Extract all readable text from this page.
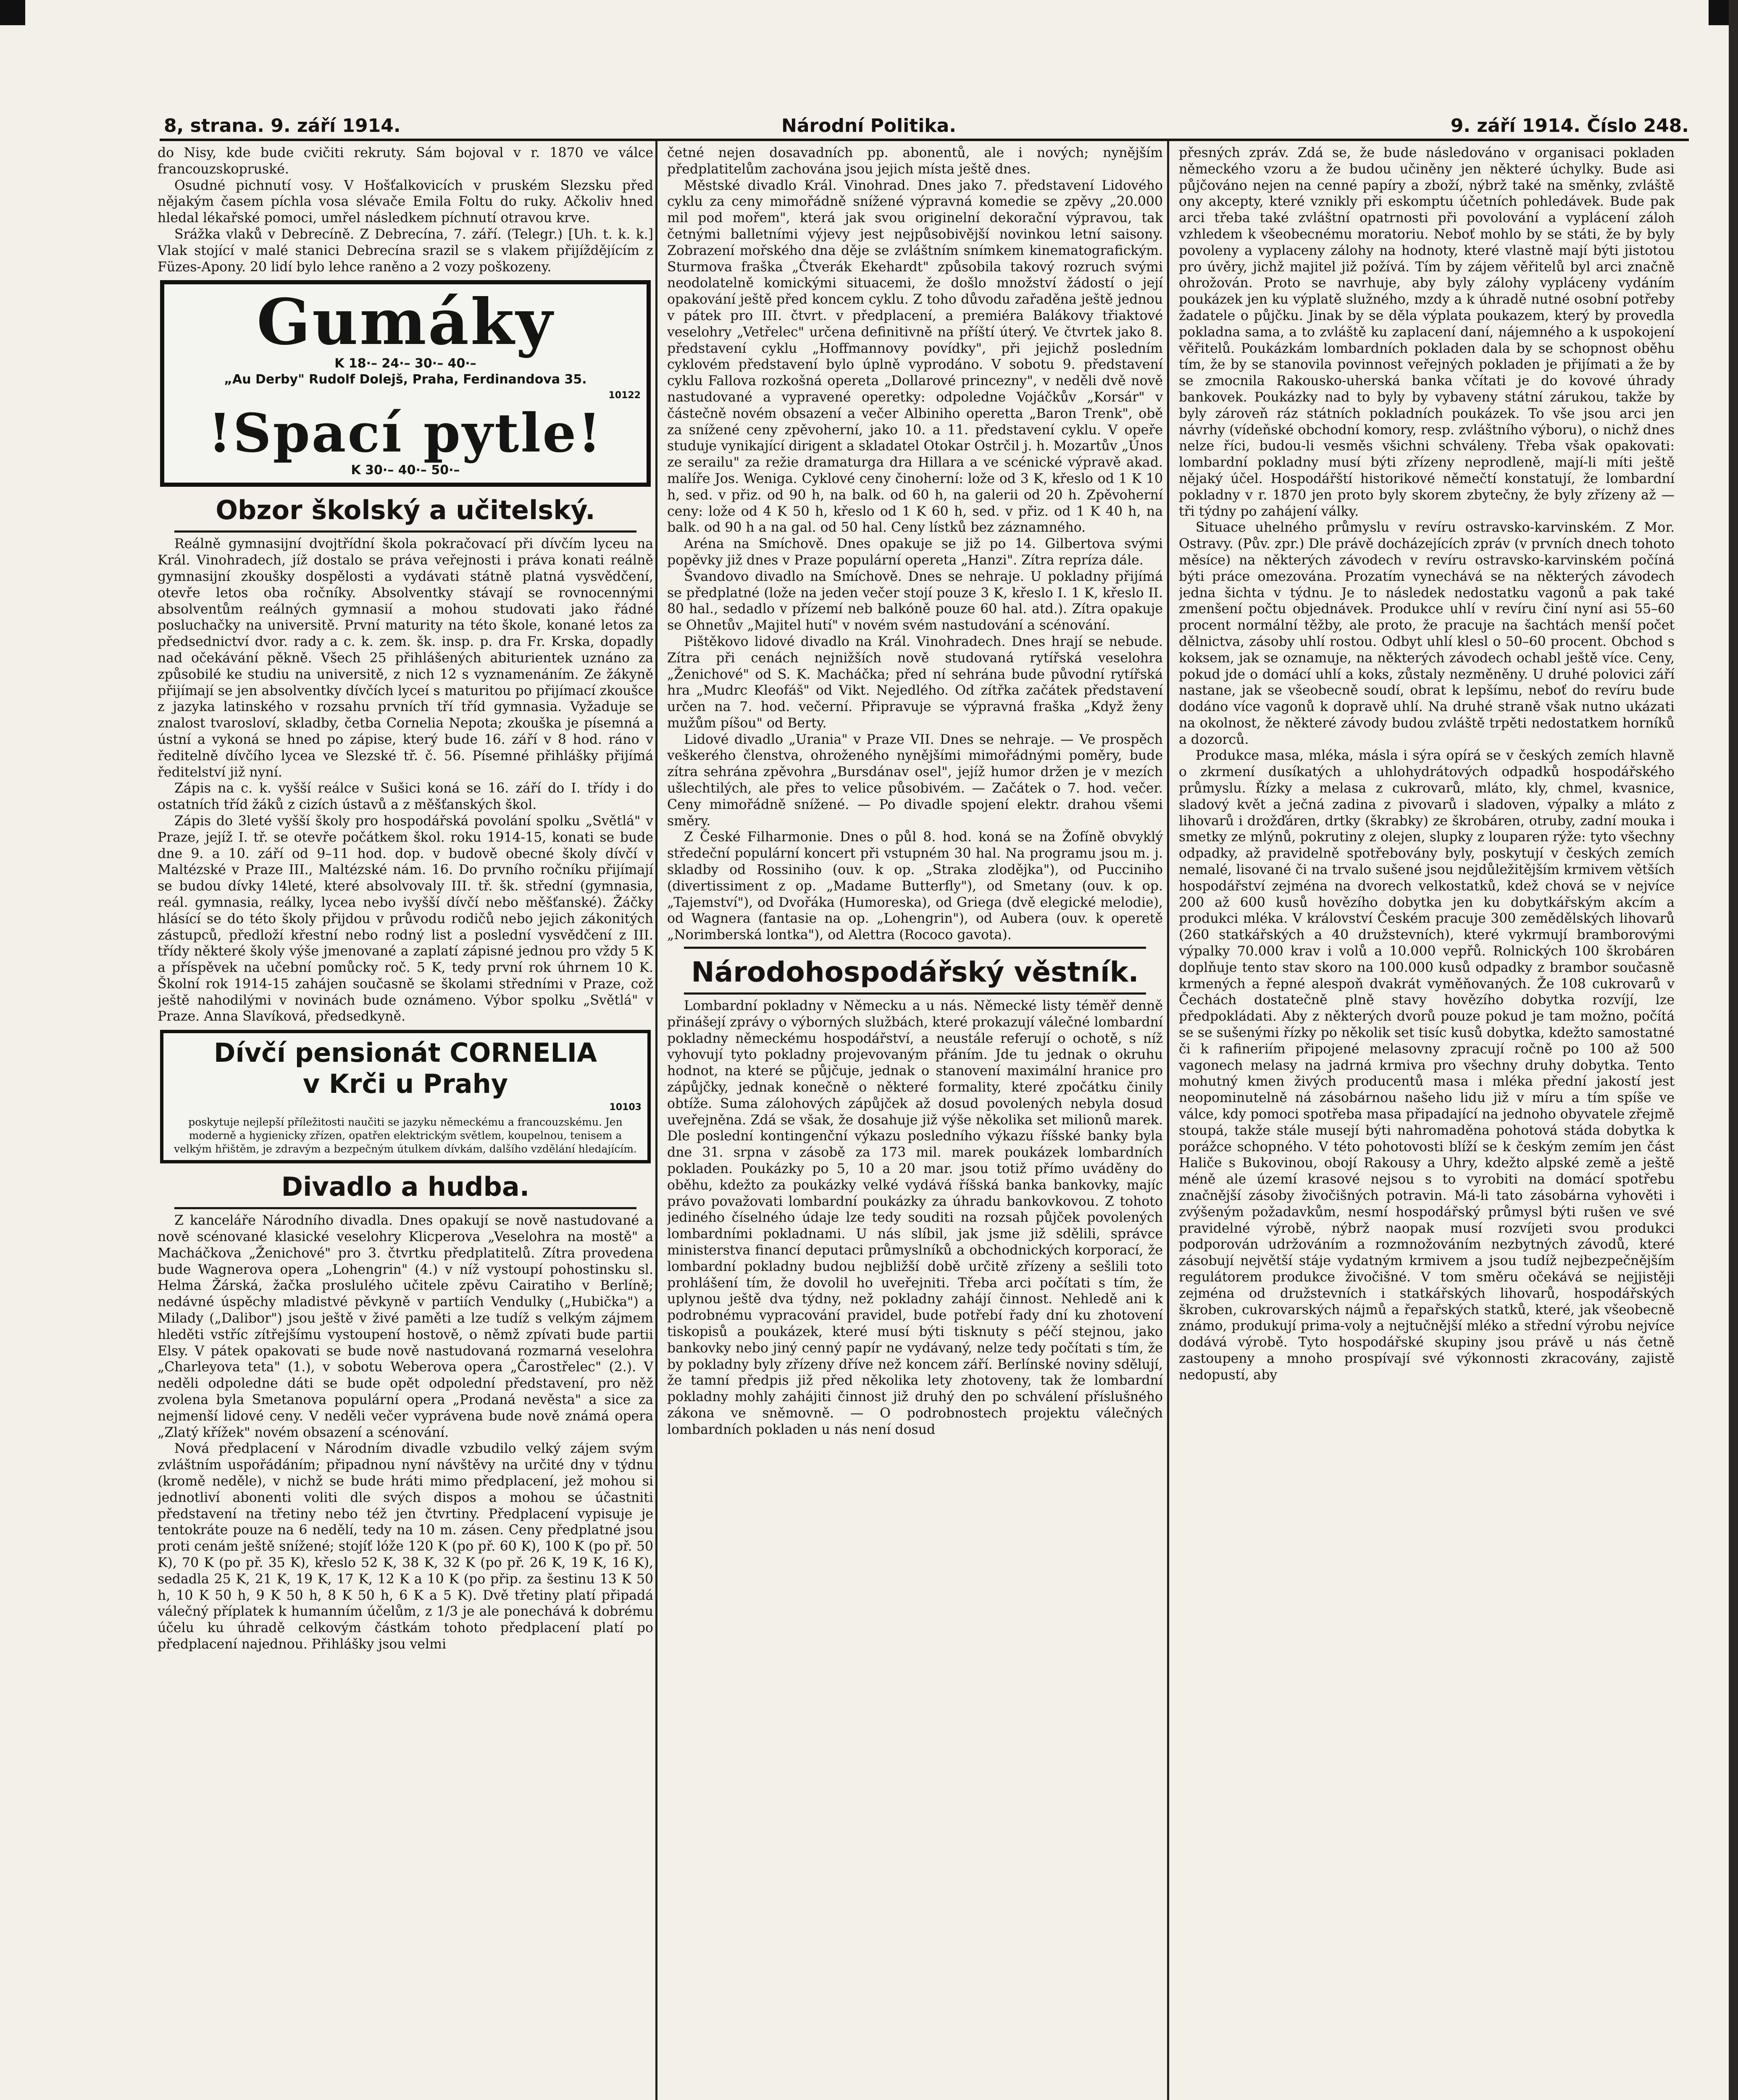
8, strana. 9. září 1914.	Národní Politika.	9. září 1914. Číslo 248.

do Nisy, kde bude cvičiti rekruty. Sám bojoval v r. 1870 ve válce francouzskopruské.

Osudné pichnutí vosy. V Hošťalkovicích v pruském Slezsku před nějakým časem píchla vosa slévače Emila Foltu do ruky. Ačkoliv hned hledal lékařské pomoci, umřel následkem píchnutí otravou krve.

Srážka vlaků v Debrecíně. Z Debrecína, 7. září. (Telegr.) [Uh. t. k. k.] Vlak stojící v malé stanici Debrecína srazil se s vlakem přijíždějícím z Füzes-Apony. 20 lidí bylo lehce raněno a 2 vozy poškozeny.

Gumáky
K 18·– 24·– 30·– 40·–
„Au Derby" Rudolf Dolejš, Praha, Ferdinandova 35.
10122
!Spací pytle!
K 30·– 40·– 50·–
Obzor školský a učitelský.

Reálně gymnasijní dvojtřídní škola pokračovací při dívčím lyceu na Král. Vinohradech, jíž dostalo se práva veřejnosti i práva konati reálně gymnasijní zkoušky dospělosti a vydávati státně platná vysvědčení, otevře letos oba ročníky. Absolventky stávají se rovnocennými absolventům reálných gymnasií a mohou studovati jako řádné posluchačky na universitě. První maturity na této škole, konané letos za předsednictví dvor. rady a c. k. zem. šk. insp. p. dra Fr. Krska, dopadly nad očekávání pěkně. Všech 25 přihlášených abiturientek uznáno za způsobilé ke studiu na universitě, z nich 12 s vyznamenáním. Ze žákyně přijímají se jen absolventky dívčích lyceí s maturitou po přijímací zkoušce z jazyka latinského v rozsahu prvních tří tříd gymnasia. Vyžaduje se znalost tvarosloví, skladby, četba Cornelia Nepota; zkouška je písemná a ústní a vykoná se hned po zápise, který bude 16. září v 8 hod. ráno v ředitelně dívčího lycea ve Slezské tř. č. 56. Písemné přihlášky přijímá ředitelství již nyní.

Zápis na c. k. vyšší reálce v Sušici koná se 16. září do I. třídy i do ostatních tříd žáků z cizích ústavů a z měšťanských škol.

Zápis do 3leté vyšší školy pro hospodářská povolání spolku „Světlá" v Praze, jejíž I. tř. se otevře počátkem škol. roku 1914-15, konati se bude dne 9. a 10. září od 9–11 hod. dop. v budově obecné školy dívčí v Maltézské v Praze III., Maltézské nám. 16. Do prvního ročníku přijímají se budou dívky 14leté, které absolvovaly III. tř. šk. střední (gymnasia, reál. gymnasia, reálky, lycea nebo ivyšší dívčí nebo měšťanské). Žáčky hlásící se do této školy přijdou v průvodu rodičů nebo jejich zákonitých zástupců, předloží křestní nebo rodný list a poslední vysvědčení z III. třídy některé školy výše jmenované a zaplatí zápisné jednou pro vždy 5 K a příspěvek na učební pomůcky roč. 5 K, tedy první rok úhrnem 10 K. Školní rok 1914-15 zahájen současně se školami středními v Praze, což ještě nahodilými v novinách bude oznámeno. Výbor spolku „Světlá" v Praze. Anna Slavíková, předsedkyně.

Dívčí pensionát CORNELIA
v Krči u Prahy
10103
poskytuje nejlepší příležitosti naučiti se jazyku německému a francouzskému. Jen moderně a hygienicky zřízen, opatřen elektrickým světlem, koupelnou, tenisem a velkým hřištěm, je zdravým a bezpečným útulkem dívkám, dalšího vzdělání hledajícím.
Divadlo a hudba.

Z kanceláře Národního divadla. Dnes opakují se nově nastudované a nově scénované klasické veselohry Klicperova „Veselohra na mostě" a Macháčkova „Ženichové" pro 3. čtvrtku předplatitelů. Zítra provedena bude Wagnerova opera „Lohengrin" (4.) v níž vystoupí pohostinsku sl. Helma Žárská, žačka proslulého učitele zpěvu Cairatiho v Berlíně; nedávné úspěchy mladistvé pěvkyně v partiích Vendulky („Hubička") a Milady („Dalibor") jsou ještě v živé paměti a lze tudíž s velkým zájmem hleděti vstříc zítřejšímu vystoupení hostově, o němž zpívati bude partii Elsy. V pátek opakovati se bude nově nastudovaná rozmarná veselohra „Charleyova teta" (1.), v sobotu Weberova opera „Čarostřelec" (2.). V neděli odpoledne dáti se bude opět odpolední představení, pro něž zvolena byla Smetanova populární opera „Prodaná nevěsta" a sice za nejmenší lidové ceny. V neděli večer vyprávena bude nově známá opera „Zlatý křížek" novém obsazení a scénování.

Nová předplacení v Národním divadle vzbudilo velký zájem svým zvláštním uspořádáním; připadnou nyní návštěvy na určité dny v týdnu (kromě neděle), v nichž se bude hráti mimo předplacení, jež mohou si jednotliví abonenti voliti dle svých dispos a mohou se účastniti představení na třetiny nebo též jen čtvrtiny. Předplacení vypisuje je tentokráte pouze na 6 nedělí, tedy na 10 m. zásen. Ceny předplatné jsou proti cenám ještě snížené; stojíť lóže 120 K (po př. 60 K), 100 K (po př. 50 K), 70 K (po př. 35 K), křeslo 52 K, 38 K, 32 K (po př. 26 K, 19 K, 16 K), sedadla 25 K, 21 K, 19 K, 17 K, 12 K a 10 K (po přip. za šestinu 13 K 50 h, 10 K 50 h, 9 K 50 h, 8 K 50 h, 6 K a 5 K). Dvě třetiny platí připadá válečný příplatek k humanním účelům, z 1/3 je ale ponechává k dobrému účelu ku úhradě celkovým částkám tohoto předplacení platí po předplacení najednou. Přihlášky jsou velmi

četné nejen dosavadních pp. abonentů, ale i nových; nynějším předplatitelům zachována jsou jejich místa ještě dnes.

Městské divadlo Král. Vinohrad. Dnes jako 7. představení Lidového cyklu za ceny mimořádně snížené výpravná komedie se zpěvy „20.000 mil pod mořem", která jak svou originelní dekorační výpravou, tak četnými balletními výjevy jest nejpůsobivější novinkou letní saisony. Zobrazení mořského dna děje se zvláštním snímkem kinematografickým. Sturmova fraška „Čtverák Ekehardt" způsobila takový rozruch svými neodolatelně komickými situacemi, že došlo množství žádostí o její opakování ještě před koncem cyklu. Z toho důvodu zařaděna ještě jednou v pátek pro III. čtvrt. v předplacení, a premiéra Balákovy třiaktové veselohry „Vetřelec" určena definitivně na příští úterý. Ve čtvrtek jako 8. představení cyklu „Hoffmannovy povídky", při jejichž posledním cyklovém představení bylo úplně vyprodáno. V sobotu 9. představení cyklu Fallova rozkošná opereta „Dollarové princezny", v neděli dvě nově nastudované a vypravené operetky: odpoledne Vojáčkův „Korsár" v částečně novém obsazení a večer Albiniho operetta „Baron Trenk", obě za snížené ceny zpěvoherní, jako 10. a 11. představení cyklu. V opeře studuje vynikající dirigent a skladatel Otokar Ostrčil j. h. Mozartův „Únos ze serailu" za režie dramaturga dra Hillara a ve scénické výpravě akad. malíře Jos. Weniga. Cyklové ceny činoherní: lože od 3 K, křeslo od 1 K 10 h, sed. v přiz. od 90 h, na balk. od 60 h, na galerii od 20 h. Zpěvoherní ceny: lože od 4 K 50 h, křeslo od 1 K 60 h, sed. v přiz. od 1 K 40 h, na balk. od 90 h a na gal. od 50 hal. Ceny lístků bez záznamného.

Aréna na Smíchově. Dnes opakuje se již po 14. Gilbertova svými popěvky již dnes v Praze populární opereta „Hanzi". Zítra repríza dále.

Švandovo divadlo na Smíchově. Dnes se nehraje. U pokladny přijímá se předplatné (lože na jeden večer stojí pouze 3 K, křeslo I. 1 K, křeslo II. 80 hal., sedadlo v přízemí neb balkóně pouze 60 hal. atd.). Zítra opakuje se Ohnetův „Majitel hutí" v novém svém nastudování a scénování.

Pištěkovo lidové divadlo na Král. Vinohradech. Dnes hrají se nebude. Zítra při cenách nejnižších nově studovaná rytířská veselohra „Ženichové" od S. K. Macháčka; před ní sehrána bude původní rytířská hra „Mudrc Kleofáš" od Vikt. Nejedlého. Od zítřka začátek představení určen na 7. hod. večerní. Připravuje se výpravná fraška „Když ženy mužům píšou" od Berty.

Lidové divadlo „Urania" v Praze VII. Dnes se nehraje. — Ve prospěch veškerého členstva, ohroženého nynějšími mimořádnými poměry, bude zítra sehrána zpěvohra „Bursdánav osel", jejíž humor držen je v mezích ušlechtilých, ale přes to velice působivém. — Začátek o 7. hod. večer. Ceny mimořádně snížené. — Po divadle spojení elektr. drahou všemi směry.

Z České Filharmonie. Dnes o půl 8. hod. koná se na Žofíně obvyklý středeční populární koncert při vstupném 30 hal. Na programu jsou m. j. skladby od Rossiniho (ouv. k op. „Straka zlodějka"), od Pucciniho (divertissiment z op. „Madame Butterfly"), od Smetany (ouv. k op. „Tajemství"), od Dvořáka (Humoreska), od Griega (dvě elegické melodie), od Wagnera (fantasie na op. „Lohengrin"), od Aubera (ouv. k operetě „Norimberská lontka"), od Alettra (Rococo gavota).

Národohospodářský věstník.

Lombardní pokladny v Německu a u nás. Německé listy téměř denně přinášejí zprávy o výborných službách, které prokazují válečné lombardní pokladny německému hospodářství, a neustále referují o ochotě, s níž vyhovují tyto pokladny projevovaným přáním. Jde tu jednak o okruhu hodnot, na které se půjčuje, jednak o stanovení maximální hranice pro zápůjčky, jednak konečně o některé formality, které zpočátku činily obtíže. Suma zálohových zápůjček až dosud povolených nebyla dosud uveřejněna. Zdá se však, že dosahuje již výše několika set milionů marek. Dle poslední kontingenční výkazu posledního výkazu říšské banky byla dne 31. srpna v zásobě za 173 mil. marek poukázek lombardních pokladen. Poukázky po 5, 10 a 20 mar. jsou totiž přímo uváděny do oběhu, kdežto za poukázky velké vydává říšská banka bankovky, majíc právo považovati lombardní poukázky za úhradu bankovkovou. Z tohoto jediného číselného údaje lze tedy souditi na rozsah půjček povolených lombardními pokladnami. U nás slíbil, jak jsme již sdělili, správce ministerstva financí deputaci průmyslníků a obchodnických korporací, že lombardní pokladny budou nejbližší době určitě zřízeny a sešlili toto prohlášení tím, že dovolil ho uveřejniti. Třeba arci počítati s tím, že uplynou ještě dva týdny, než pokladny zahájí činnost. Nehledě ani k podrobnému vypracování pravidel, bude potřebí řady dní ku zhotovení tiskopisů a poukázek, které musí býti tisknuty s péčí stejnou, jako bankovky nebo jiný cenný papír ne vydávaný, nelze tedy počítati s tím, že by pokladny byly zřízeny dříve než koncem září. Berlínské noviny sdělují, že tamní předpis již před několika lety zhotoveny, tak že lombardní pokladny mohly zahájiti činnost již druhý den po schválení příslušného zákona ve sněmovně. — O podrobnostech projektu válečných lombardních pokladen u nás není dosud

přesných zpráv. Zdá se, že bude následováno v organisaci pokladen německého vzoru a že budou učiněny jen některé úchylky. Bude asi půjčováno nejen na cenné papíry a zboží, nýbrž také na směnky, zvláště ony akcepty, které vznikly při eskomptu účetních pohledávek. Bude pak arci třeba také zvláštní opatrnosti při povolování a vyplácení záloh vzhledem k všeobecnému moratoriu. Neboť mohlo by se státi, že by byly povoleny a vyplaceny zálohy na hodnoty, které vlastně mají býti jistotou pro úvěry, jichž majitel již požívá. Tím by zájem věřitelů byl arci značně ohrožován. Proto se navrhuje, aby byly zálohy vypláceny vydáním poukázek jen ku výplatě služného, mzdy a k úhradě nutné osobní potřeby žadatele o půjčku. Jinak by se děla výplata poukazem, který by provedla pokladna sama, a to zvláště ku zaplacení daní, nájemného a k uspokojení věřitelů. Poukázkám lombardních pokladen dala by se schopnost oběhu tím, že by se stanovila povinnost veřejných pokladen je přijímati a že by se zmocnila Rakousko-uherská banka včítati je do kovové úhrady bankovek. Poukázky nad to byly by vybaveny státní zárukou, takže by byly zároveň ráz státních pokladních poukázek. To vše jsou arci jen návrhy (vídeňské obchodní komory, resp. zvláštního výboru), o nichž dnes nelze říci, budou-li vesměs všichni schváleny. Třeba však opakovati: lombardní pokladny musí býti zřízeny neprodleně, mají-li míti ještě nějaký účel. Hospodářští historikové němečtí konstatují, že lombardní pokladny v r. 1870 jen proto byly skorem zbytečny, že byly zřízeny až — tři týdny po zahájení války.

Situace uhelného průmyslu v revíru ostravsko-karvinském. Z Mor. Ostravy. (Pův. zpr.) Dle právě docházejících zpráv (v prvních dnech tohoto měsíce) na některých závodech v revíru ostravsko-karvinském počíná býti práce omezována. Prozatím vynechává se na některých závodech jedna šichta v týdnu. Je to následek nedostatku vagonů a pak také zmenšení počtu objednávek. Produkce uhlí v revíru činí nyní asi 55–60 procent normální těžby, ale proto, že pracuje na šachtách menší počet dělnictva, zásoby uhlí rostou. Odbyt uhlí klesl o 50–60 procent. Obchod s koksem, jak se oznamuje, na některých závodech ochabl ještě více. Ceny, pokud jde o domácí uhlí a koks, zůstaly nezměněny. U druhé polovici září nastane, jak se všeobecně soudí, obrat k lepšímu, neboť do revíru bude dodáno více vagonů k dopravě uhlí. Na druhé straně však nutno ukázati na okolnost, že některé závody budou zvláště trpěti nedostatkem horníků a dozorců.

Produkce masa, mléka, másla i sýra opírá se v českých zemích hlavně o zkrmení dusíkatých a uhlohydrátových odpadků hospodářského průmyslu. Řízky a melasa z cukrovarů, mláto, kly, chmel, kvasnice, sladový květ a ječná zadina z pivovarů i sladoven, výpalky a mláto z lihovarů i drožďáren, drtky (škrabky) ze škrobáren, otruby, zadní mouka i smetky ze mlýnů, pokrutiny z olejen, slupky z louparen rýže: tyto všechny odpadky, až pravidelně spotřebovány byly, poskytují v českých zemích nemalé, lisované či na trvalo sušené jsou nejdůležitějším krmivem větších hospodářství zejména na dvorech velkostatků, kdež chová se v nejvíce 200 až 600 kusů hovězího dobytka jen ku dobytkářským akcím a produkci mléka. V království Českém pracuje 300 zemědělských lihovarů (260 statkářských a 40 družstevních), které vykrmují bramborovými výpalky 70.000 krav i volů a 10.000 vepřů. Rolnických 100 škrobáren doplňuje tento stav skoro na 100.000 kusů odpadky z brambor současně krmených a řepné alespoň dvakrát vyměňovaných. Že 108 cukrovarů v Čechách dostatečně plně stavy hovězího dobytka rozvíjí, lze předpokládati. Aby z některých dvorů pouze pokud je tam možno, počítá se se sušenými řízky po několik set tisíc kusů dobytka, kdežto samostatné či k rafineriím připojené melasovny zpracují ročně po 100 až 500 vagonech melasy na jadrná krmiva pro všechny druhy dobytka. Tento mohutný kmen živých producentů masa i mléka přední jakostí jest neopominutelně ná zásobárnou našeho lidu již v míru a tím spíše ve válce, kdy pomoci spotřeba masa připadající na jednoho obyvatele zřejmě stoupá, takže stále musejí býti nahromaděna pohotová stáda dobytka k porážce schopného. V této pohotovosti blíží se k českým zemím jen část Haliče s Bukovinou, obojí Rakousy a Uhry, kdežto alpské země a ještě méně ale území krasové nejsou s to vyrobiti na domácí spotřebu značnější zásoby živočišných potravin. Má-li tato zásobárna vyhověti i zvýšeným požadavkům, nesmí hospodářský průmysl býti rušen ve své pravidelné výrobě, nýbrž naopak musí rozvíjeti svou produkci podporován udržováním a rozmnožováním nezbytných závodů, které zásobují největší stáje vydatným krmivem a jsou tudíž nejbezpečnějším regulátorem produkce živočišné. V tom směru očekává se nejjistěji zejména od družstevních i statkářských lihovarů, hospodářských škroben, cukrovarských nájmů a řepařských statků, které, jak všeobecně známo, produkují prima-voly a nejtučnější mléko a střední výrobu nejvíce dodává výrobě. Tyto hospodářské skupiny jsou právě u nás četně zastoupeny a mnoho prospívají své výkonnosti zkracovány, zajistě nedopustí, aby
